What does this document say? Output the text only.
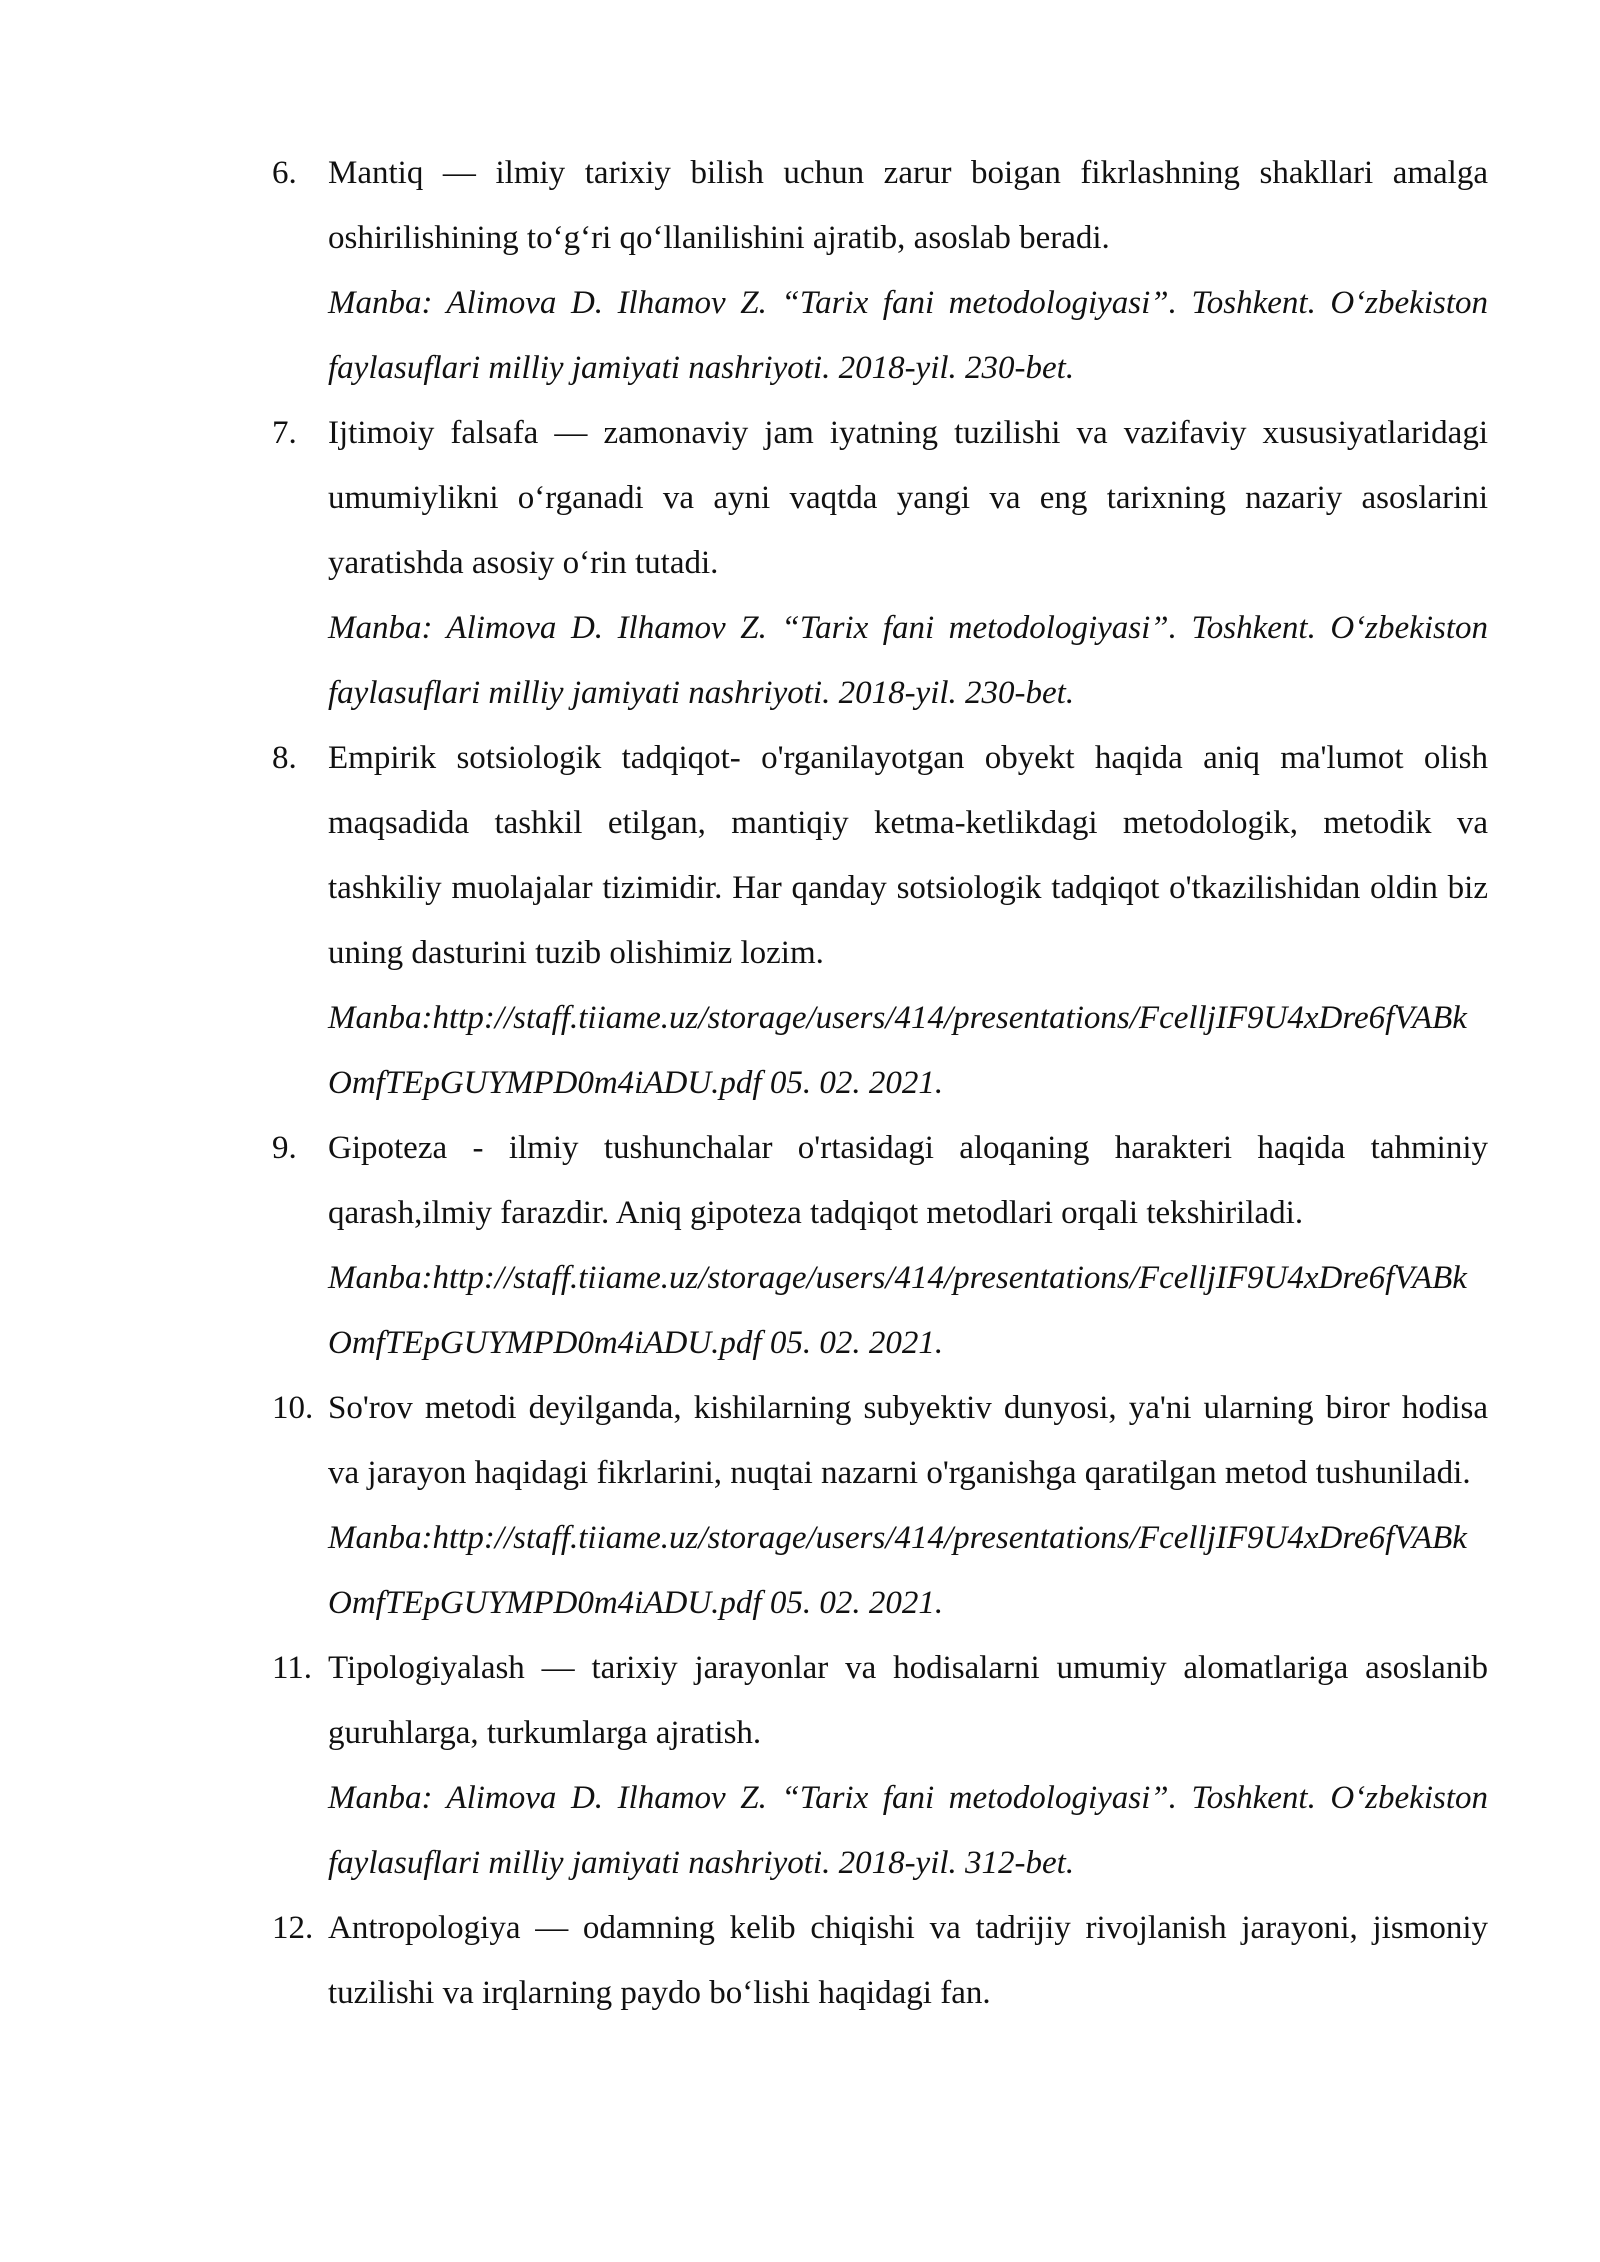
6. Mantiq — ilmiy tarixiy bilish uchun zarur boigan fikrlashning shakllari amalga oshirilishining to‘g‘ri qo‘llanilishini ajratib, asoslab beradi.
Manba: Alimova D. Ilhamov Z. “Tarix fani metodologiyasi”. Toshkent. O‘zbekiston faylasuflari milliy jamiyati nashriyoti. 2018-yil. 230-bet.
7. Ijtimoiy falsafa — zamonaviy jam iyatning tuzilishi va vazifaviy xususiyatlaridagi umumiylikni o‘rganadi va ayni vaqtda yangi va eng tarixning nazariy asoslarini yaratishda asosiy o‘rin tutadi.
Manba: Alimova D. Ilhamov Z. “Tarix fani metodologiyasi”. Toshkent. O‘zbekiston faylasuflari milliy jamiyati nashriyoti. 2018-yil. 230-bet.
8. Empirik sotsiologik tadqiqot- o'rganilayotgan obyekt haqida aniq ma'lumot olish maqsadida tashkil etilgan, mantiqiy ketma-ketlikdagi metodologik, metodik va tashkiliy muolajalar tizimidir. Har qanday sotsiologik tadqiqot o'tkazilishidan oldin biz uning dasturini tuzib olishimiz lozim.
Manba:http://staff.tiiame.uz/storage/users/414/presentations/FcelljIF9U4xDre6fVABkOmfTEpGUYMPD0m4iADU.pdf 05. 02. 2021.
9. Gipoteza - ilmiy tushunchalar o'rtasidagi aloqaning harakteri haqida tahminiy qarash,ilmiy farazdir. Aniq gipoteza tadqiqot metodlari orqali tekshiriladi.
Manba:http://staff.tiiame.uz/storage/users/414/presentations/FcelljIF9U4xDre6fVABkOmfTEpGUYMPD0m4iADU.pdf 05. 02. 2021.
10. So'rov metodi deyilganda, kishilarning subyektiv dunyosi, ya'ni ularning biror hodisa va jarayon haqidagi fikrlarini, nuqtai nazarni o'rganishga qaratilgan metod tushuniladi.
Manba:http://staff.tiiame.uz/storage/users/414/presentations/FcelljIF9U4xDre6fVABkOmfTEpGUYMPD0m4iADU.pdf 05. 02. 2021.
11. Tipologiyalash — tarixiy jarayonlar va hodisalarni umumiy alomatlariga asoslanib guruhlarga, turkumlarga ajratish.
Manba: Alimova D. Ilhamov Z. “Tarix fani metodologiyasi”. Toshkent. O‘zbekiston faylasuflari milliy jamiyati nashriyoti. 2018-yil. 312-bet.
12. Antropologiya — odamning kelib chiqishi va tadrijiy rivojlanish jarayoni, jismoniy tuzilishi va irqlarning paydo bo‘lishi haqidagi fan.
